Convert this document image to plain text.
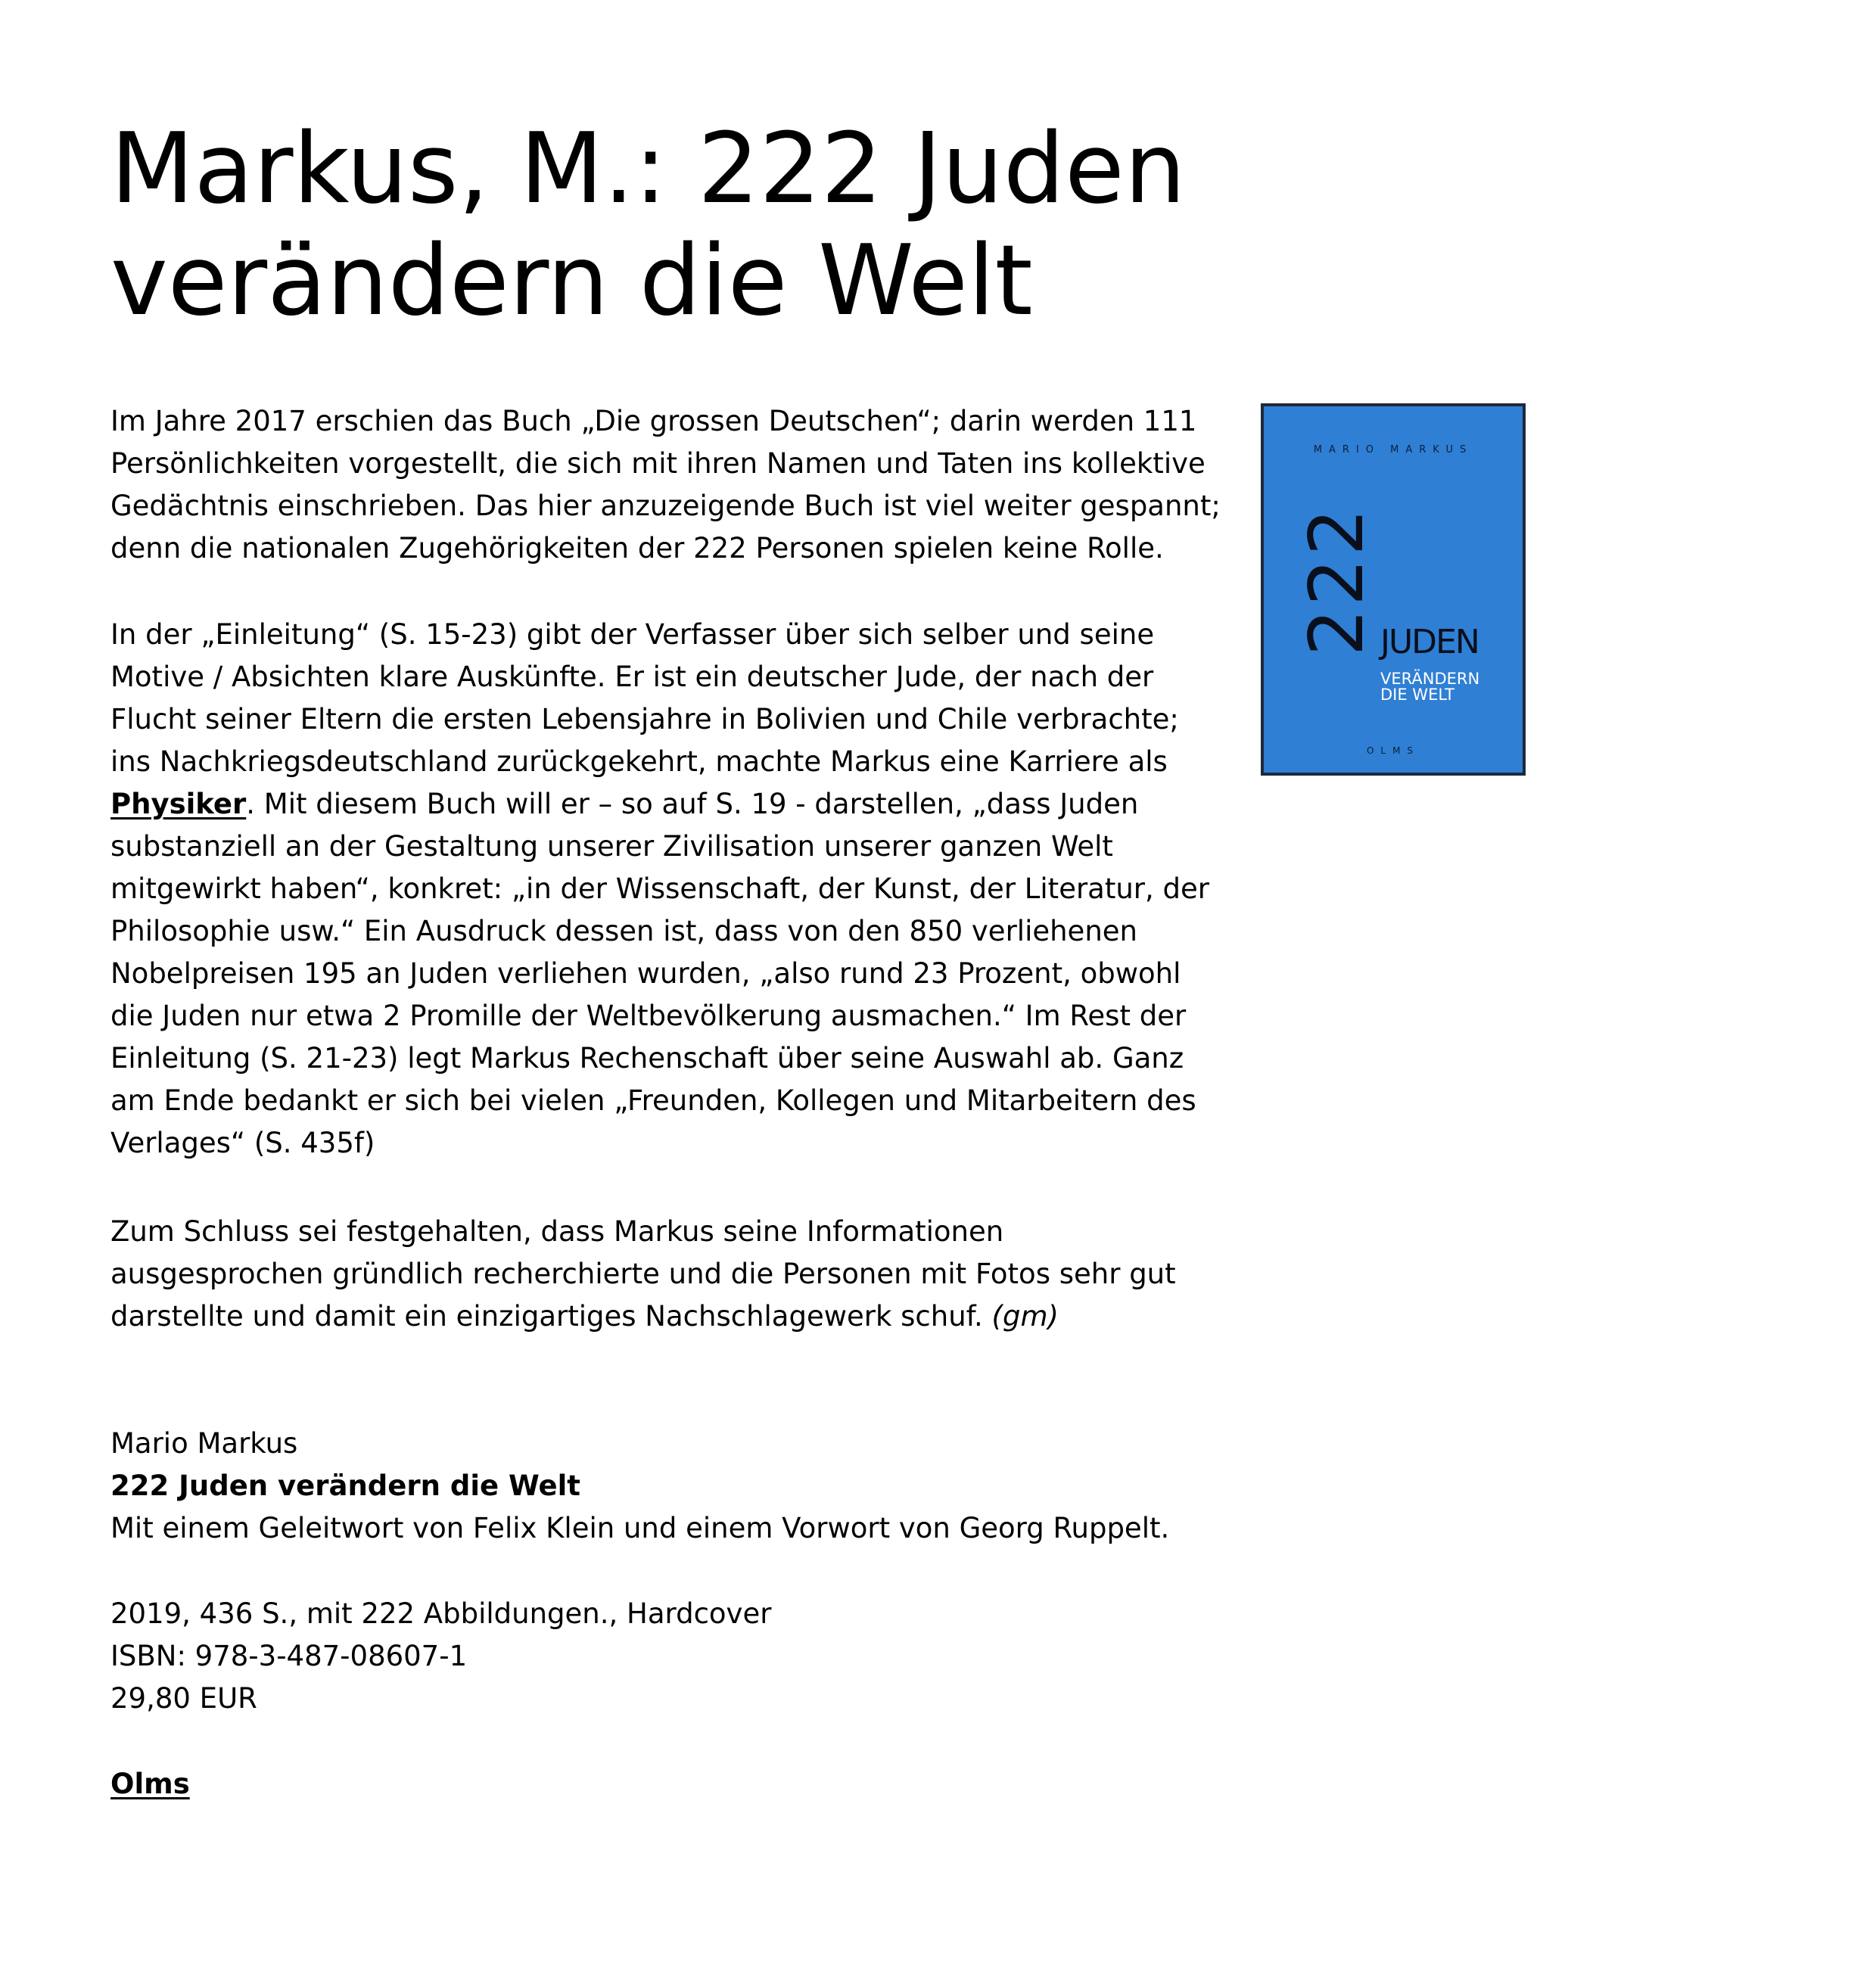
Markus, M.: 222 Juden
verändern die Welt
Im Jahre 2017 erschien das Buch „Die grossen Deutschen“; darin werden 111
Persönlichkeiten vorgestellt, die sich mit ihren Namen und Taten ins kollektive
Gedächtnis einschrieben. Das hier anzuzeigende Buch ist viel weiter gespannt;
denn die nationalen Zugehörigkeiten der 222 Personen spielen keine Rolle.
In der „Einleitung“ (S. 15-23) gibt der Verfasser über sich selber und seine
Motive / Absichten klare Auskünfte. Er ist ein deutscher Jude, der nach der
Flucht seiner Eltern die ersten Lebensjahre in Bolivien und Chile verbrachte;
ins Nachkriegsdeutschland zurückgekehrt, machte Markus eine Karriere als
Physiker. Mit diesem Buch will er – so auf S. 19 - darstellen, „dass Juden
substanziell an der Gestaltung unserer Zivilisation unserer ganzen Welt
mitgewirkt haben“, konkret: „in der Wissenschaft, der Kunst, der Literatur, der
Philosophie usw.“ Ein Ausdruck dessen ist, dass von den 850 verliehenen
Nobelpreisen 195 an Juden verliehen wurden, „also rund 23 Prozent, obwohl
die Juden nur etwa 2 Promille der Weltbevölkerung ausmachen.“ Im Rest der
Einleitung (S. 21-23) legt Markus Rechenschaft über seine Auswahl ab. Ganz
am Ende bedankt er sich bei vielen „Freunden, Kollegen und Mitarbeitern des
Verlages“ (S. 435f)
Zum Schluss sei festgehalten, dass Markus seine Informationen
ausgesprochen gründlich recherchierte und die Personen mit Fotos sehr gut
darstellte und damit ein einzigartiges Nachschlagewerk schuf. (gm)
Mario Markus
222 Juden verändern die Welt
Mit einem Geleitwort von Felix Klein und einem Vorwort von Georg Ruppelt.
2019, 436 S., mit 222 Abbildungen., Hardcover
ISBN: 978-3-487-08607-1
29,80 EUR
Olms
MARIO MARKUS
222 JUDEN
VERÄNDERN
DIE WELT
OLMS
